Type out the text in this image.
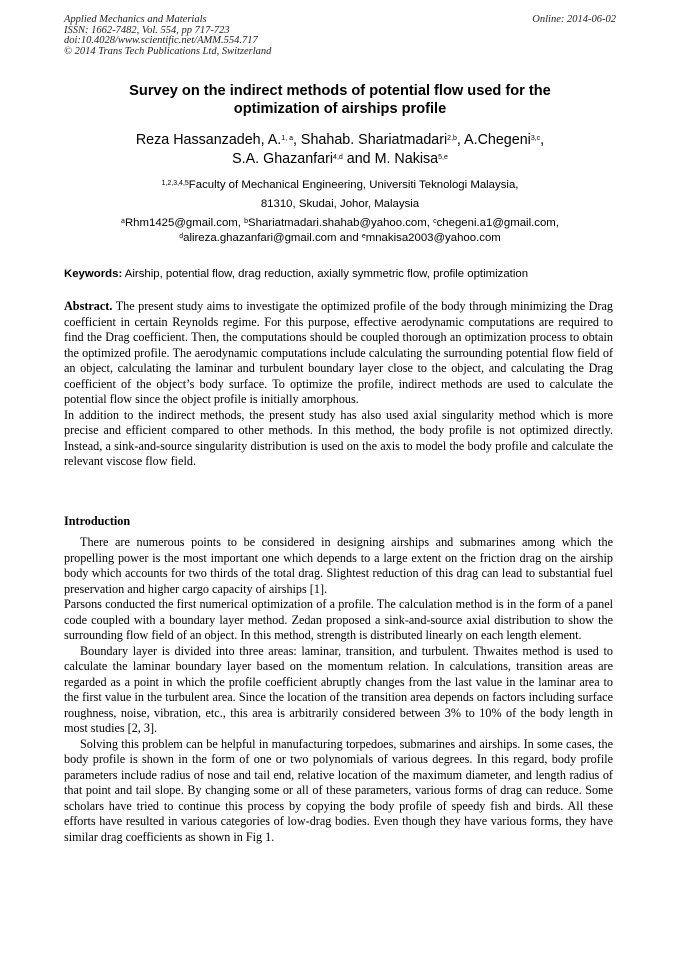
Applied Mechanics and Materials
ISSN: 1662-7482, Vol. 554, pp 717-723
doi:10.4028/www.scientific.net/AMM.554.717
© 2014 Trans Tech Publications Ltd, Switzerland
Online: 2014-06-02
Survey on the indirect methods of potential flow used for the
optimization of airships profile
Reza Hassanzadeh, A.$^{1, a}$, Shahab. Shariatmadari$^{2,b}$, A.Chegeni$^{3,c}$,
S.A. Ghazanfari$^{4,d}$ and M. Nakisa$^{5,e}$
$^{1,2,3,4,5}$Faculty of Mechanical Engineering, Universiti Teknologi Malaysia,
81310, Skudai, Johor, Malaysia
$^a$Rhm1425@gmail.com, $^b$Shariatmadari.shahab@yahoo.com, $^c$chegeni.a1@gmail.com,
$^d$alireza.ghazanfari@gmail.com and $^e$mnakisa2003@yahoo.com
Keywords: Airship, potential flow, drag reduction, axially symmetric flow, profile optimization

Abstract. The present study aims to investigate the optimized profile of the body through minimizing the Drag coefficient in certain Reynolds regime. For this purpose, effective aerodynamic computations are required to find the Drag coefficient. Then, the computations should be coupled thorough an optimization process to obtain the optimized profile. The aerodynamic computations include calculating the surrounding potential flow field of an object, calculating the laminar and turbulent boundary layer close to the object, and calculating the Drag coefficient of the object’s body surface. To optimize the profile, indirect methods are used to calculate the potential flow since the object profile is initially amorphous.

In addition to the indirect methods, the present study has also used axial singularity method which is more precise and efficient compared to other methods. In this method, the body profile is not optimized directly. Instead, a sink-and-source singularity distribution is used on the axis to model the body profile and calculate the relevant viscose flow field.

Introduction

There are numerous points to be considered in designing airships and submarines among which the propelling power is the most important one which depends to a large extent on the friction drag on the airship body which accounts for two thirds of the total drag. Slightest reduction of this drag can lead to substantial fuel preservation and higher cargo capacity of airships [1].

Parsons conducted the first numerical optimization of a profile. The calculation method is in the form of a panel code coupled with a boundary layer method. Zedan proposed a sink-and-source axial distribution to show the surrounding flow field of an object. In this method, strength is distributed linearly on each length element.

Boundary layer is divided into three areas: laminar, transition, and turbulent. Thwaites method is used to calculate the laminar boundary layer based on the momentum relation. In calculations, transition areas are regarded as a point in which the profile coefficient abruptly changes from the last value in the laminar area to the first value in the turbulent area. Since the location of the transition area depends on factors including surface roughness, noise, vibration, etc., this area is arbitrarily considered between 3% to 10% of the body length in most studies [2, 3].

Solving this problem can be helpful in manufacturing torpedoes, submarines and airships. In some cases, the body profile is shown in the form of one or two polynomials of various degrees. In this regard, body profile parameters include radius of nose and tail end, relative location of the maximum diameter, and length radius of that point and tail slope. By changing some or all of these parameters, various forms of drag can reduce. Some scholars have tried to continue this process by copying the body profile of speedy fish and birds. All these efforts have resulted in various categories of low-drag bodies. Even though they have various forms, they have similar drag coefficients as shown in Fig 1.
